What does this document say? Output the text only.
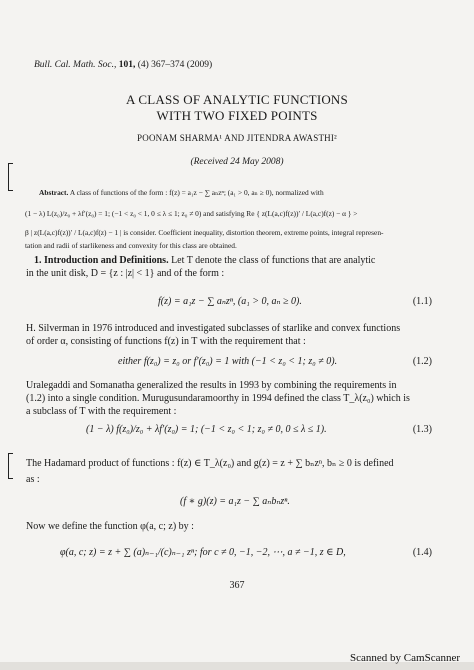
Bull. Cal. Math. Soc., 101, (4) 367–374 (2009)
A CLASS OF ANALYTIC FUNCTIONS
WITH TWO FIXED POINTS
POONAM SHARMA¹ AND JITENDRA AWASTHI²
(Received 24 May 2008)
Abstract. A class of functions of the form : f(z) = a₁z − ∑ aₙzⁿ; (a₁ > 0, aₙ ≥ 0), normalized with
(1 − λ) L(z₀)/z₀ + λf′(z₀) = 1; (−1 < z₀ < 1, 0 ≤ λ ≤ 1; z₀ ≠ 0) and satisfying Re { z(L(a,c)f(z))′ / L(a,c)f(z) − α } >
β | z(L(a,c)f(z))′ / L(a,c)f(z) − 1 | is consider. Coefficient inequality, distortion theorem, extreme points, integral represen-
tation and radii of starlikeness and convexity for this class are obtained.
1. Introduction and Definitions. Let T denote the class of functions that are analytic
in the unit disk, D = {z : |z| < 1} and of the form :
f(z) = a₁z − ∑ aₙzⁿ, (a₁ > 0, aₙ ≥ 0).	(1.1)
H. Silverman in 1976 introduced and investigated subclasses of starlike and convex functions
of order α, consisting of functions f(z) in T with the requirement that :
either f(z₀) = z₀ or f′(z₀) = 1 with (−1 < z₀ < 1; z₀ ≠ 0).	(1.2)
Uralegaddi and Somanatha generalized the results in 1993 by combining the requirements in
(1.2) into a single condition. Murugusundaramoorthy in 1994 defined the class T_λ(z₀) which is
a subclass of T with the requirement :
(1 − λ) f(z₀)/z₀ + λf′(z₀) = 1; (−1 < z₀ < 1; z₀ ≠ 0, 0 ≤ λ ≤ 1).	(1.3)
The Hadamard product of functions : f(z) ∈ T_λ(z₀) and g(z) = z + ∑ bₙzⁿ, bₙ ≥ 0 is defined
as :
(f ∗ g)(z) = a₁z − ∑ aₙbₙzⁿ.
Now we define the function φ(a, c; z) by :
φ(a, c; z) = z + ∑ (a)ₙ₋₁/(c)ₙ₋₁ zⁿ; for c ≠ 0, −1, −2, ⋯, a ≠ −1, z ∈ D,	(1.4)
367
Scanned by CamScanner
